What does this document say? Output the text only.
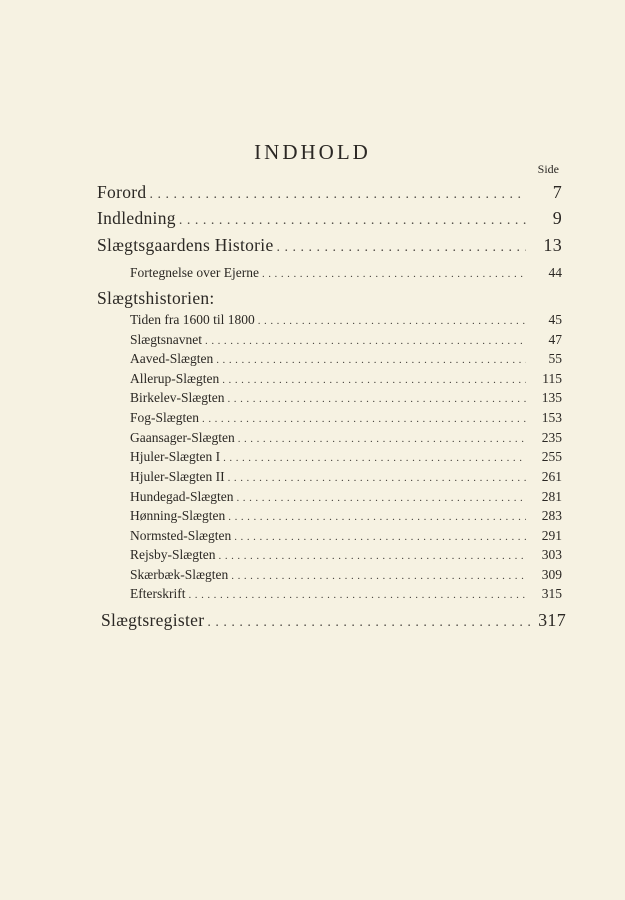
INDHOLD
Side
Forord . . .	7
Indledning . . .	9
Slægtsgaardens Historie . . .	13
Fortegnelse over Ejerne . . .	44
Slægtshistorien:
Tiden fra 1600 til 1800 . . .	45
Slægtsnavnet . . .	47
Aaved-Slægten . . .	55
Allerup-Slægten . . .	115
Birkelev-Slægten . . .	135
Fog-Slægten . . .	153
Gaansager-Slægten . . .	235
Hjuler-Slægten I . . .	255
Hjuler-Slægten II . . .	261
Hundegad-Slægten . . .	281
Hønning-Slægten . . .	283
Normsted-Slægten . . .	291
Rejsby-Slægten . . .	303
Skærbæk-Slægten . . .	309
Efterskrift . . .	315
Slægtsregister . . .	317
